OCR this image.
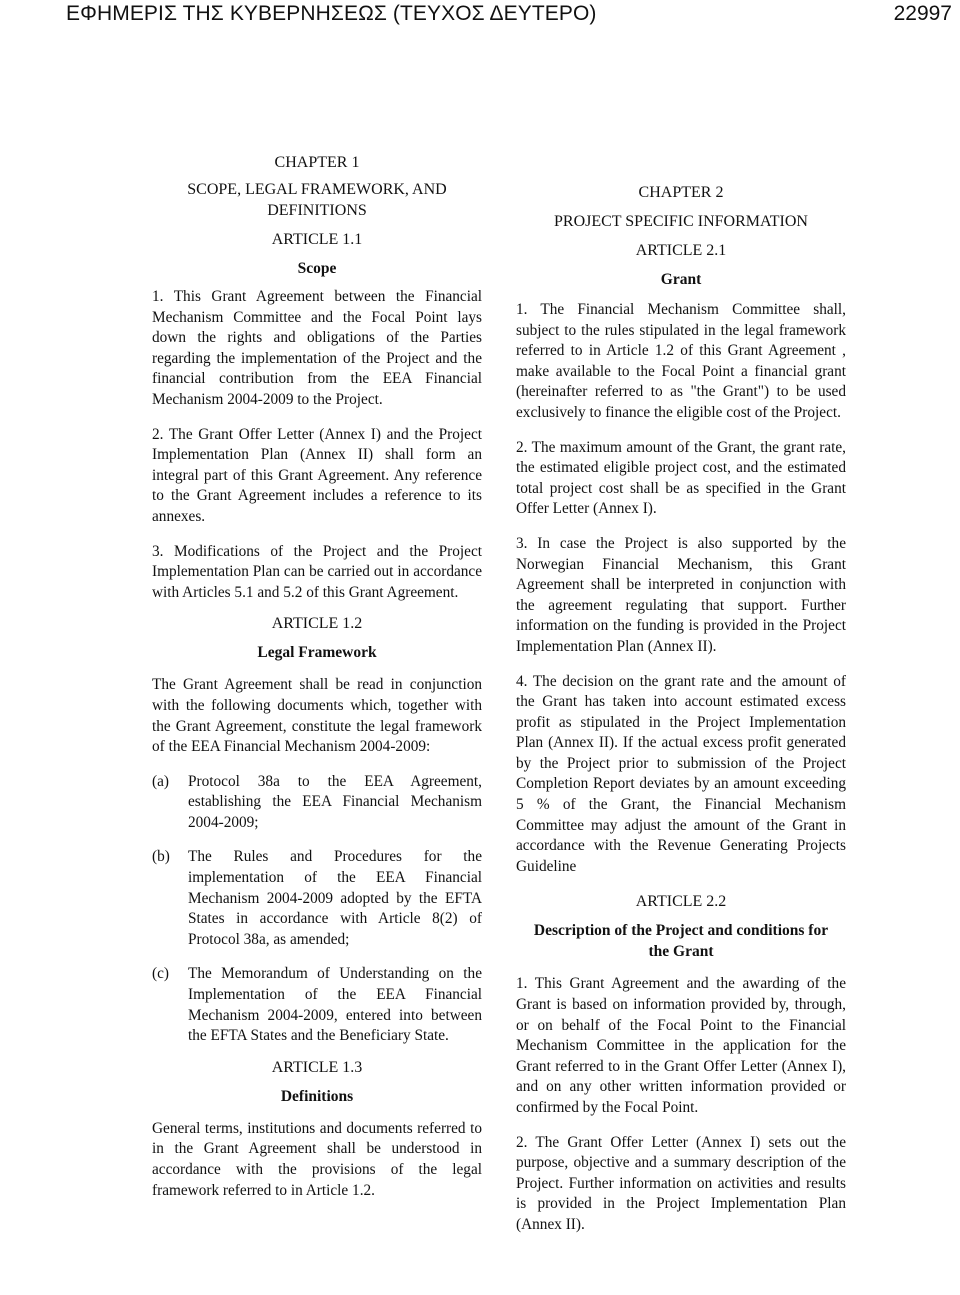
ΕΦΗΜΕΡΙΣ ΤΗΣ ΚΥΒΕΡΝΗΣΕΩΣ (ΤΕΥΧΟΣ ΔΕΥΤΕΡΟ)	22997
CHAPTER 1
SCOPE, LEGAL FRAMEWORK, AND DEFINITIONS
ARTICLE 1.1
Scope

1. This Grant Agreement between the Financial Mechanism Committee and the Focal Point lays down the rights and obligations of the Parties regarding the implementation of the Project and the financial contribution from the EEA Financial Mechanism 2004-2009 to the Project.

2. The Grant Offer Letter (Annex I) and the Project Implementation Plan (Annex II) shall form an integral part of this Grant Agreement. Any reference to the Grant Agreement includes a reference to its annexes.

3. Modifications of the Project and the Project Implementation Plan can be carried out in accordance with Articles 5.1 and 5.2 of this Grant Agreement.

ARTICLE 1.2
Legal Framework

The Grant Agreement shall be read in conjunction with the following documents which, together with the Grant Agreement, constitute the legal framework of the EEA Financial Mechanism 2004-2009:

(a)	Protocol 38a to the EEA Agreement, establishing the EEA Financial Mechanism 2004-2009;
(b)	The Rules and Procedures for the implementation of the EEA Financial Mechanism 2004-2009 adopted by the EFTA States in accordance with Article 8(2) of Protocol 38a, as amended;
(c)	The Memorandum of Understanding on the Implementation of the EEA Financial Mechanism 2004-2009, entered into between the EFTA States and the Beneficiary State.
ARTICLE 1.3
Definitions

General terms, institutions and documents referred to in the Grant Agreement shall be understood in accordance with the provisions of the legal framework referred to in Article 1.2.

CHAPTER 2
PROJECT SPECIFIC INFORMATION
ARTICLE 2.1
Grant

1. The Financial Mechanism Committee shall, subject to the rules stipulated in the legal framework referred to in Article 1.2 of this Grant Agreement , make available to the Focal Point a financial grant (hereinafter referred to as "the Grant") to be used exclusively to finance the eligible cost of the Project.

2. The maximum amount of the Grant, the grant rate, the estimated eligible project cost, and the estimated total project cost shall be as specified in the Grant Offer Letter (Annex I).

3. In case the Project is also supported by the Norwegian Financial Mechanism, this Grant Agreement shall be interpreted in conjunction with the agreement regulating that support. Further information on the funding is provided in the Project Implementation Plan (Annex II).

4. The decision on the grant rate and the amount of the Grant has taken into account estimated excess profit as stipulated in the Project Implementation Plan (Annex II). If the actual excess profit generated by the Project prior to submission of the Project Completion Report deviates by an amount exceeding 5 % of the Grant, the Financial Mechanism Committee may adjust the amount of the Grant in accordance with the Revenue Generating Projects Guideline

ARTICLE 2.2
Description of the Project and conditions for the Grant

1. This Grant Agreement and the awarding of the Grant is based on information provided by, through, or on behalf of the Focal Point to the Financial Mechanism Committee in the application for the Grant referred to in the Grant Offer Letter (Annex I), and on any other written information provided or confirmed by the Focal Point.

2. The Grant Offer Letter (Annex I) sets out the purpose, objective and a summary description of the Project. Further information on activities and results is provided in the Project Implementation Plan (Annex II).
